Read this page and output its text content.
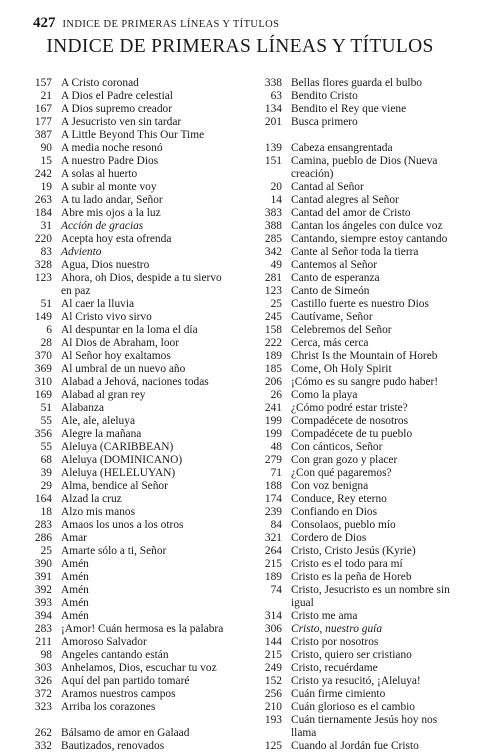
427 INDICE DE PRIMERAS LÍNEAS Y TÍTULOS
INDICE DE PRIMERAS LÍNEAS Y TÍTULOS
157 A Cristo coronad
21 A Dios el Padre celestial
167 A Dios supremo creador
177 A Jesucristo ven sin tardar
387 A Little Beyond This Our Time
90 A media noche resonó
15 A nuestro Padre Dios
242 A solas al huerto
19 A subir al monte voy
263 A tu lado andar, Señor
184 Abre mis ojos a la luz
31 Acción de gracias
220 Acepta hoy esta ofrenda
83 Adviento
328 Agua, Dios nuestro
123 Ahora, oh Dios, despide a tu siervo
en paz
51 Al caer la lluvia
149 Al Cristo vivo sirvo
6 Al despuntar en la loma el día
28 Al Dios de Abraham, loor
370 Al Señor hoy exaltamos
369 Al umbral de un nuevo año
310 Alabad a Jehová, naciones todas
169 Alabad al gran rey
51 Alabanza
55 Ale, ale, aleluya
356 Alegre la mañana
55 Aleluya (CARIBBEAN)
68 Aleluya (DOMINICANO)
39 Aleluya (HELELUYAN)
29 Alma, bendice al Señor
164 Alzad la cruz
18 Alzo mis manos
283 Amaos los unos a los otros
286 Amar
25 Amarte sólo a ti, Señor
390 Amén
391 Amén
392 Amén
393 Amén
394 Amén
283 ¡Amor! Cuán hermosa es la palabra
211 Amoroso Salvador
98 Angeles cantando están
303 Anhelamos, Dios, escuchar tu voz
326 Aquí del pan partido tomaré
372 Aramos nuestros campos
323 Arriba los corazones
262 Bálsamo de amor en Galaad
332 Bautizados, renovados
338 Bellas flores guarda el bulbo
63 Bendito Cristo
134 Bendito el Rey que viene
201 Busca primero
139 Cabeza ensangrentada
151 Camina, pueblo de Dios (Nueva
creación)
20 Cantad al Señor
14 Cantad alegres al Señor
383 Cantad del amor de Cristo
388 Cantan los ángeles con dulce voz
285 Cantando, siempre estoy cantando
342 Cante al Señor toda la tierra
49 Cantemos al Señor
281 Canto de esperanza
123 Canto de Simeón
25 Castillo fuerte es nuestro Dios
245 Cautívame, Señor
158 Celebremos del Señor
222 Cerca, más cerca
189 Christ Is the Mountain of Horeb
185 Come, Oh Holy Spirit
206 ¡Cómo es su sangre pudo haber!
26 Como la playa
241 ¿Cómo podré estar triste?
199 Compadécete de nosotros
199 Compadécete de tu pueblo
48 Con cánticos, Señor
279 Con gran gozo y placer
71 ¿Con qué pagaremos?
188 Con voz benigna
174 Conduce, Rey eterno
239 Confiando en Dios
84 Consolaos, pueblo mío
321 Cordero de Dios
264 Cristo, Cristo Jesús (Kyrie)
215 Cristo es el todo para mí
189 Cristo es la peña de Horeb
74 Cristo, Jesucristo es un nombre sin
igual
314 Cristo me ama
306 Cristo, nuestro guía
144 Cristo por nosotros
215 Cristo, quiero ser cristiano
249 Cristo, recuérdame
152 Cristo ya resucitó, ¡Aleluya!
256 Cuán firme cimiento
210 Cuán glorioso es el cambio
193 Cuán tiernamente Jesús hoy nos
llama
125 Cuando al Jordán fue Cristo
